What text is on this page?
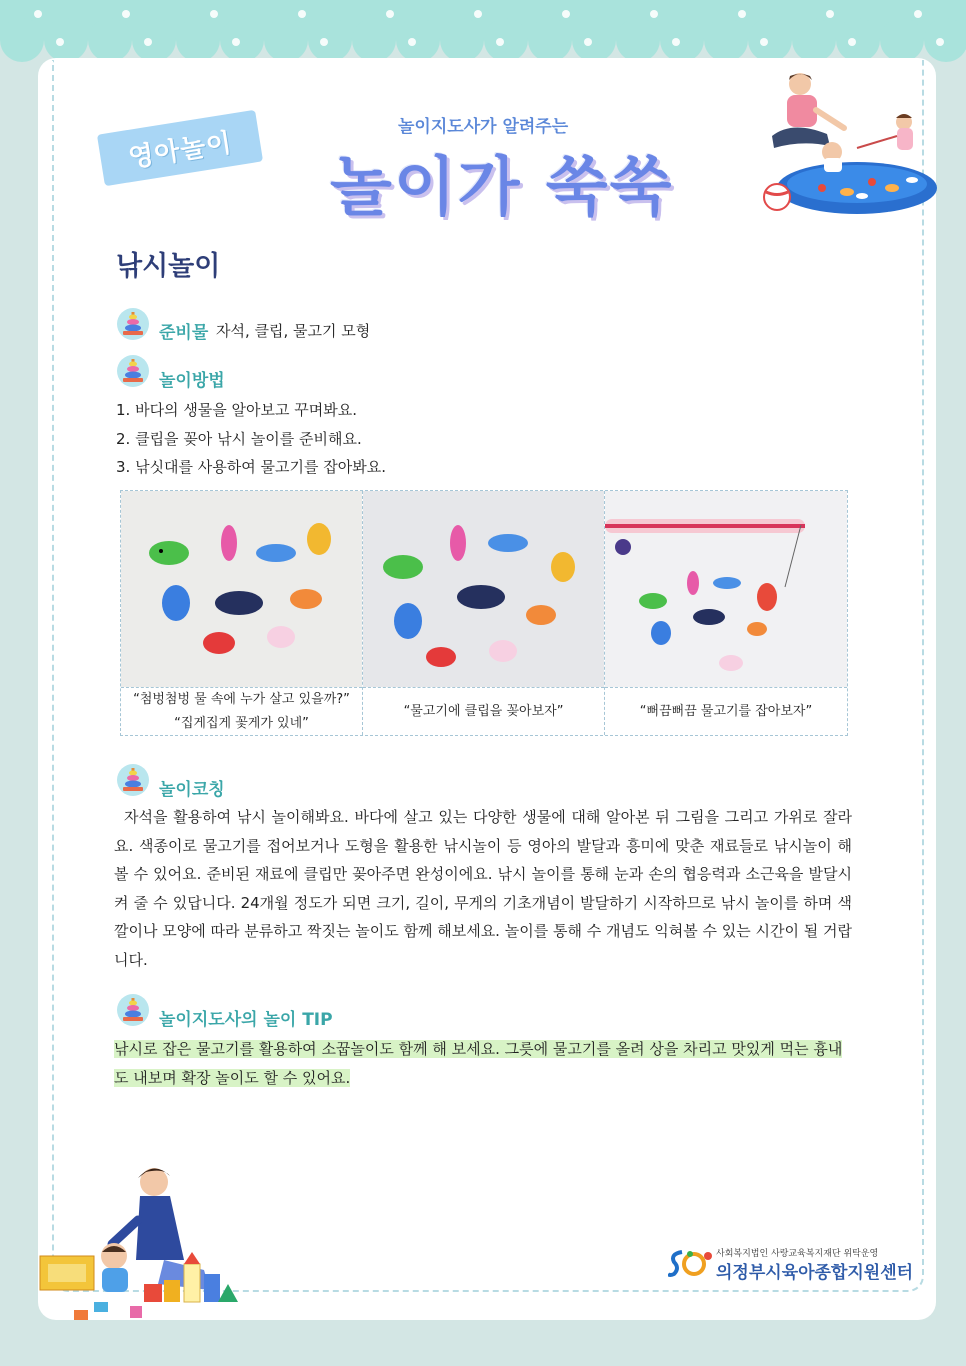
영아놀이
놀이지도사가 알려주는
놀이가 쑥쑥
낚시놀이
준비물 자석, 클립, 물고기 모형
놀이방법
1. 바다의 생물을 알아보고 꾸며봐요.
2. 클립을 꽂아 낚시 놀이를 준비해요.
3. 낚싯대를 사용하여 물고기를 잡아봐요.
“첨벙첨벙 물 속에 누가 살고 있을까?”
“집게집게 꽃게가 있네”
“물고기에 클립을 꽂아보자”	“뻐끔뻐끔 물고기를 잡아보자”
놀이코칭
자석을 활용하여 낚시 놀이해봐요. 바다에 살고 있는 다양한 생물에 대해 알아본 뒤 그림을 그리고 가위로 잘라요. 색종이로 물고기를 접어보거나 도형을 활용한 낚시놀이 등 영아의 발달과 흥미에 맞춘 재료들로 낚시놀이 해볼 수 있어요. 준비된 재료에 클립만 꽂아주면 완성이에요. 낚시 놀이를 통해 눈과 손의 협응력과 소근육을 발달시켜 줄 수 있답니다. 24개월 정도가 되면 크기, 길이, 무게의 기초개념이 발달하기 시작하므로 낚시 놀이를 하며 색깔이나 모양에 따라 분류하고 짝짓는 놀이도 함께 해보세요. 놀이를 통해 수 개념도 익혀볼 수 있는 시간이 될 거랍니다.
놀이지도사의 놀이 TIP
낚시로 잡은 물고기를 활용하여 소꿉놀이도 함께 해 보세요. 그릇에 물고기를 올려 상을 차리고 맛있게 먹는 흉내도 내보며 확장 놀이도 할 수 있어요.
사회복지법인 사랑교육복지재단 위탁운영
의정부시육아종합지원센터
